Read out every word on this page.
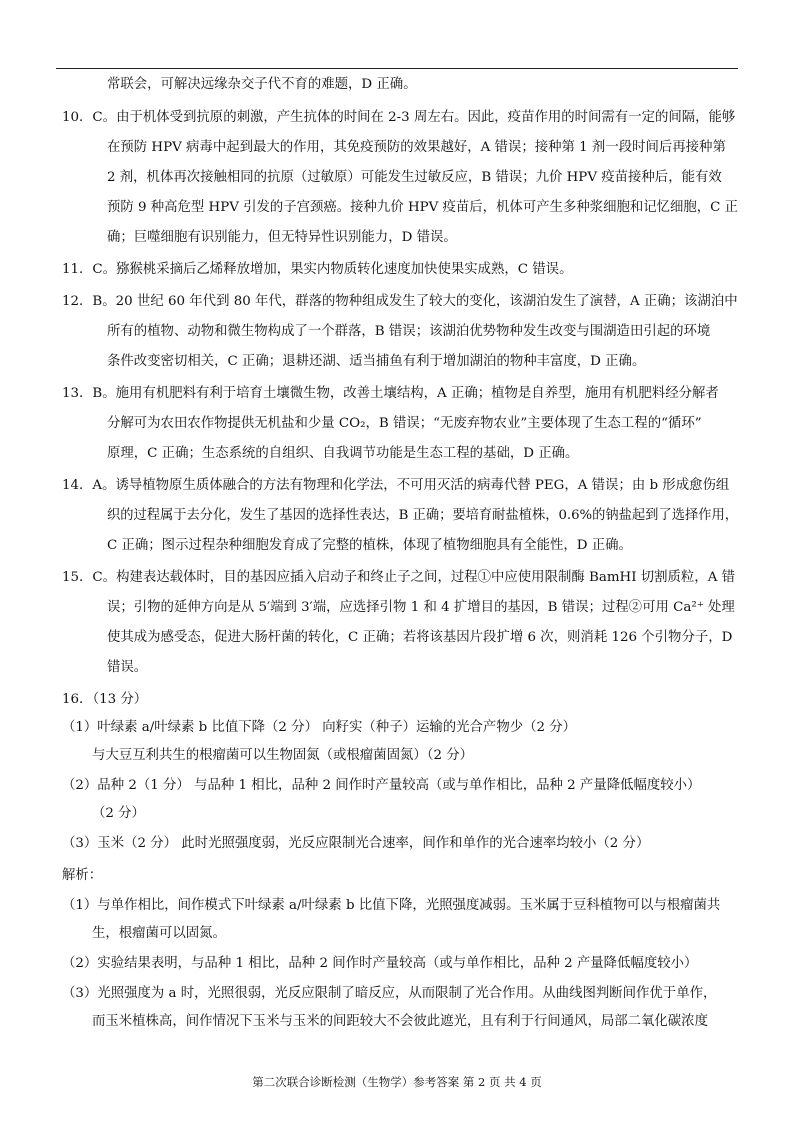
常联会，可解决远缘杂交子代不育的难题，D 正确。
10．C。由于机体受到抗原的刺激，产生抗体的时间在 2-3 周左右。因此，疫苗作用的时间需有一定的间隔，能够
在预防 HPV 病毒中起到最大的作用，其免疫预防的效果越好，A 错误；接种第 1 剂一段时间后再接种第
2 剂，机体再次接触相同的抗原（过敏原）可能发生过敏反应，B 错误；九价 HPV 疫苗接种后，能有效
预防 9 种高危型 HPV 引发的子宫颈癌。接种九价 HPV 疫苗后，机体可产生多种浆细胞和记忆细胞，C 正
确；巨噬细胞有识别能力，但无特异性识别能力，D 错误。
11．C。猕猴桃采摘后乙烯释放增加，果实内物质转化速度加快使果实成熟，C 错误。
12．B。20 世纪 60 年代到 80 年代，群落的物种组成发生了较大的变化，该湖泊发生了演替，A 正确；该湖泊中
所有的植物、动物和微生物构成了一个群落，B 错误；该湖泊优势物种发生改变与围湖造田引起的环境
条件改变密切相关，C 正确；退耕还湖、适当捕鱼有利于增加湖泊的物种丰富度，D 正确。
13．B。施用有机肥料有利于培育土壤微生物，改善土壤结构，A 正确；植物是自养型，施用有机肥料经分解者
分解可为农田农作物提供无机盐和少量 CO₂，B 错误；“无废弃物农业”主要体现了生态工程的“循环”
原理，C 正确；生态系统的自组织、自我调节功能是生态工程的基础，D 正确。
14．A。诱导植物原生质体融合的方法有物理和化学法，不可用灭活的病毒代替 PEG，A 错误；由 b 形成愈伤组
织的过程属于去分化，发生了基因的选择性表达，B 正确；要培育耐盐植株，0.6%的钠盐起到了选择作用，
C 正确；图示过程杂种细胞发育成了完整的植株，体现了植物细胞具有全能性，D 正确。
15．C。构建表达载体时，目的基因应插入启动子和终止子之间，过程①中应使用限制酶 BamHI 切割质粒，A 错
误；引物的延伸方向是从 5′端到 3′端，应选择引物 1 和 4 扩增目的基因，B 错误；过程②可用 Ca²⁺ 处理
使其成为感受态，促进大肠杆菌的转化，C 正确；若将该基因片段扩增 6 次，则消耗 126 个引物分子，D
错误。
16．（13 分）
（1）叶绿素 a/叶绿素 b 比值下降（2 分） 向籽实（种子）运输的光合产物少（2 分）
与大豆互利共生的根瘤菌可以生物固氮（或根瘤菌固氮）（2 分）
（2）品种 2（1 分） 与品种 1 相比，品种 2 间作时产量较高（或与单作相比，品种 2 产量降低幅度较小）
（2 分）
（3）玉米（2 分） 此时光照强度弱，光反应限制光合速率，间作和单作的光合速率均较小（2 分）
解析：
（1）与单作相比，间作模式下叶绿素 a/叶绿素 b 比值下降，光照强度减弱。玉米属于豆科植物可以与根瘤菌共
生，根瘤菌可以固氮。
（2）实验结果表明，与品种 1 相比，品种 2 间作时产量较高（或与单作相比，品种 2 产量降低幅度较小）
（3）光照强度为 a 时，光照很弱，光反应限制了暗反应，从而限制了光合作用。从曲线图判断间作优于单作，
而玉米植株高，间作情况下玉米与玉米的间距较大不会彼此遮光，且有利于行间通风，局部二氧化碳浓度
第二次联合诊断检测（生物学）参考答案 第 2 页 共 4 页
